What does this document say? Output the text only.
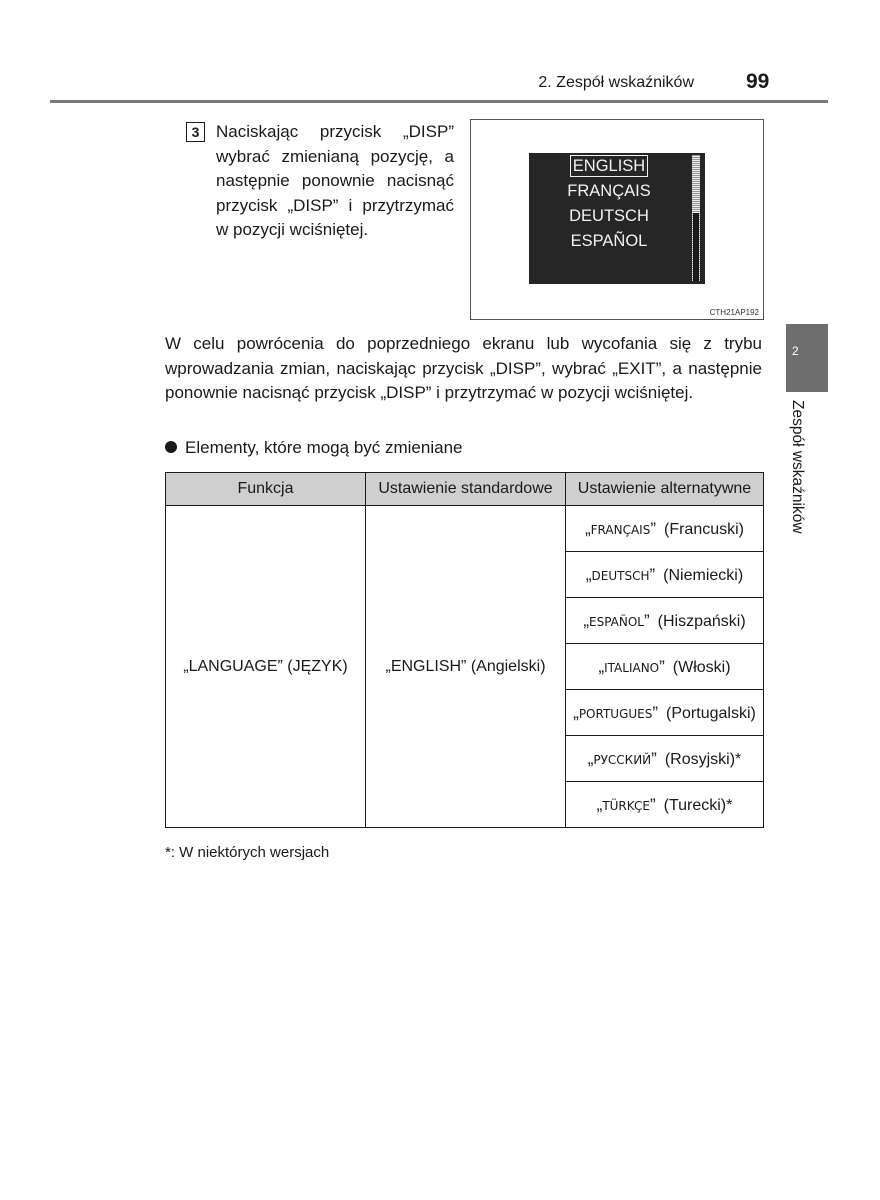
2. Zespół wskaźników 99
3 Naciskając przycisk „DISP” wybrać zmienianą pozycję, a następnie ponownie nacisnąć przycisk „DISP” i przytrzymać w pozycji wciśniętej.
ENGLISH
FRANÇAIS
DEUTSCH
ESPAÑOL
CTH21AP192
2
Zespół wskaźników
W celu powrócenia do poprzedniego ekranu lub wycofania się z trybu wprowadzania zmian, naciskając przycisk „DISP”, wybrać „EXIT”, a następnie ponownie nacisnąć przycisk „DISP” i przytrzymać w pozycji wciśniętej.
Elementy, które mogą być zmieniane
Funkcja	Ustawienie standardowe	Ustawienie alternatywne
„LANGUAGE” (JĘZYK)	„ENGLISH” (Angielski)	„FRANÇAIS”  (Francuski)
		„DEUTSCH”  (Niemiecki)
		„ESPAÑOL”  (Hiszpański)
		„ITALIANO”  (Włoski)
		„PORTUGUES”  (Portugalski)
		„РУССКИЙ”  (Rosyjski)*
		„TÜRKÇE”  (Turecki)*
*: W niektórych wersjach
